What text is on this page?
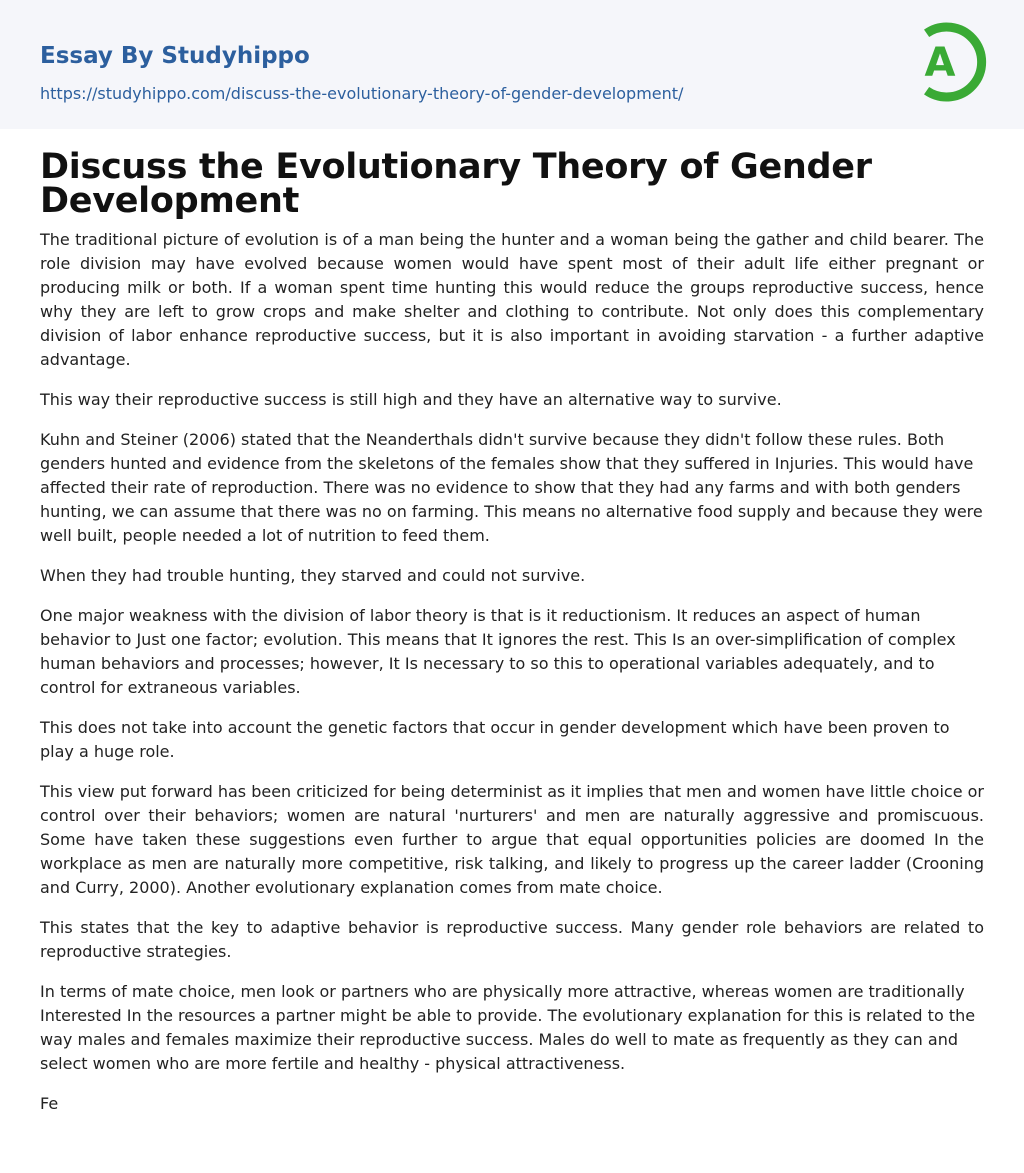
Essay By Studyhippo
https://studyhippo.com/discuss-the-evolutionary-theory-of-gender-development/
A
Discuss the Evolutionary Theory of Gender Development

The traditional picture of evolution is of a man being the hunter and a woman being the gather and child bearer. The role division may have evolved because women would have spent most of their adult life either pregnant or producing milk or both. If a woman spent time hunting this would reduce the groups reproductive success, hence why they are left to grow crops and make shelter and clothing to contribute. Not only does this complementary division of labor enhance reproductive success, but it is also important in avoiding starvation - a further adaptive advantage.

This way their reproductive success is still high and they have an alternative way to survive.

Kuhn and Steiner (2006) stated that the Neanderthals didn't survive because they didn't follow these rules. Both genders hunted and evidence from the skeletons of the females show that they suffered in Injuries. This would have affected their rate of reproduction. There was no evidence to show that they had any farms and with both genders hunting, we can assume that there was no on farming. This means no alternative food supply and because they were well built, people needed a lot of nutrition to feed them.

When they had trouble hunting, they starved and could not survive.

One major weakness with the division of labor theory is that is it reductionism. It reduces an aspect of human behavior to Just one factor; evolution. This means that It ignores the rest. This Is an over-simplification of complex human behaviors and processes; however, It Is necessary to so this to operational variables adequately, and to control for extraneous variables.

This does not take into account the genetic factors that occur in gender development which have been proven to play a huge role.

This view put forward has been criticized for being determinist as it implies that men and women have little choice or control over their behaviors; women are natural 'nurturers' and men are naturally aggressive and promiscuous. Some have taken these suggestions even further to argue that equal opportunities policies are doomed In the workplace as men are naturally more competitive, risk talking, and likely to progress up the career ladder (Crooning and Curry, 2000). Another evolutionary explanation comes from mate choice.

This states that the key to adaptive behavior is reproductive success. Many gender role behaviors are related to reproductive strategies.

In terms of mate choice, men look or partners who are physically more attractive, whereas women are traditionally Interested In the resources a partner might be able to provide. The evolutionary explanation for this is related to the way males and females maximize their reproductive success. Males do well to mate as frequently as they can and select women who are more fertile and healthy - physical attractiveness.

Fe
